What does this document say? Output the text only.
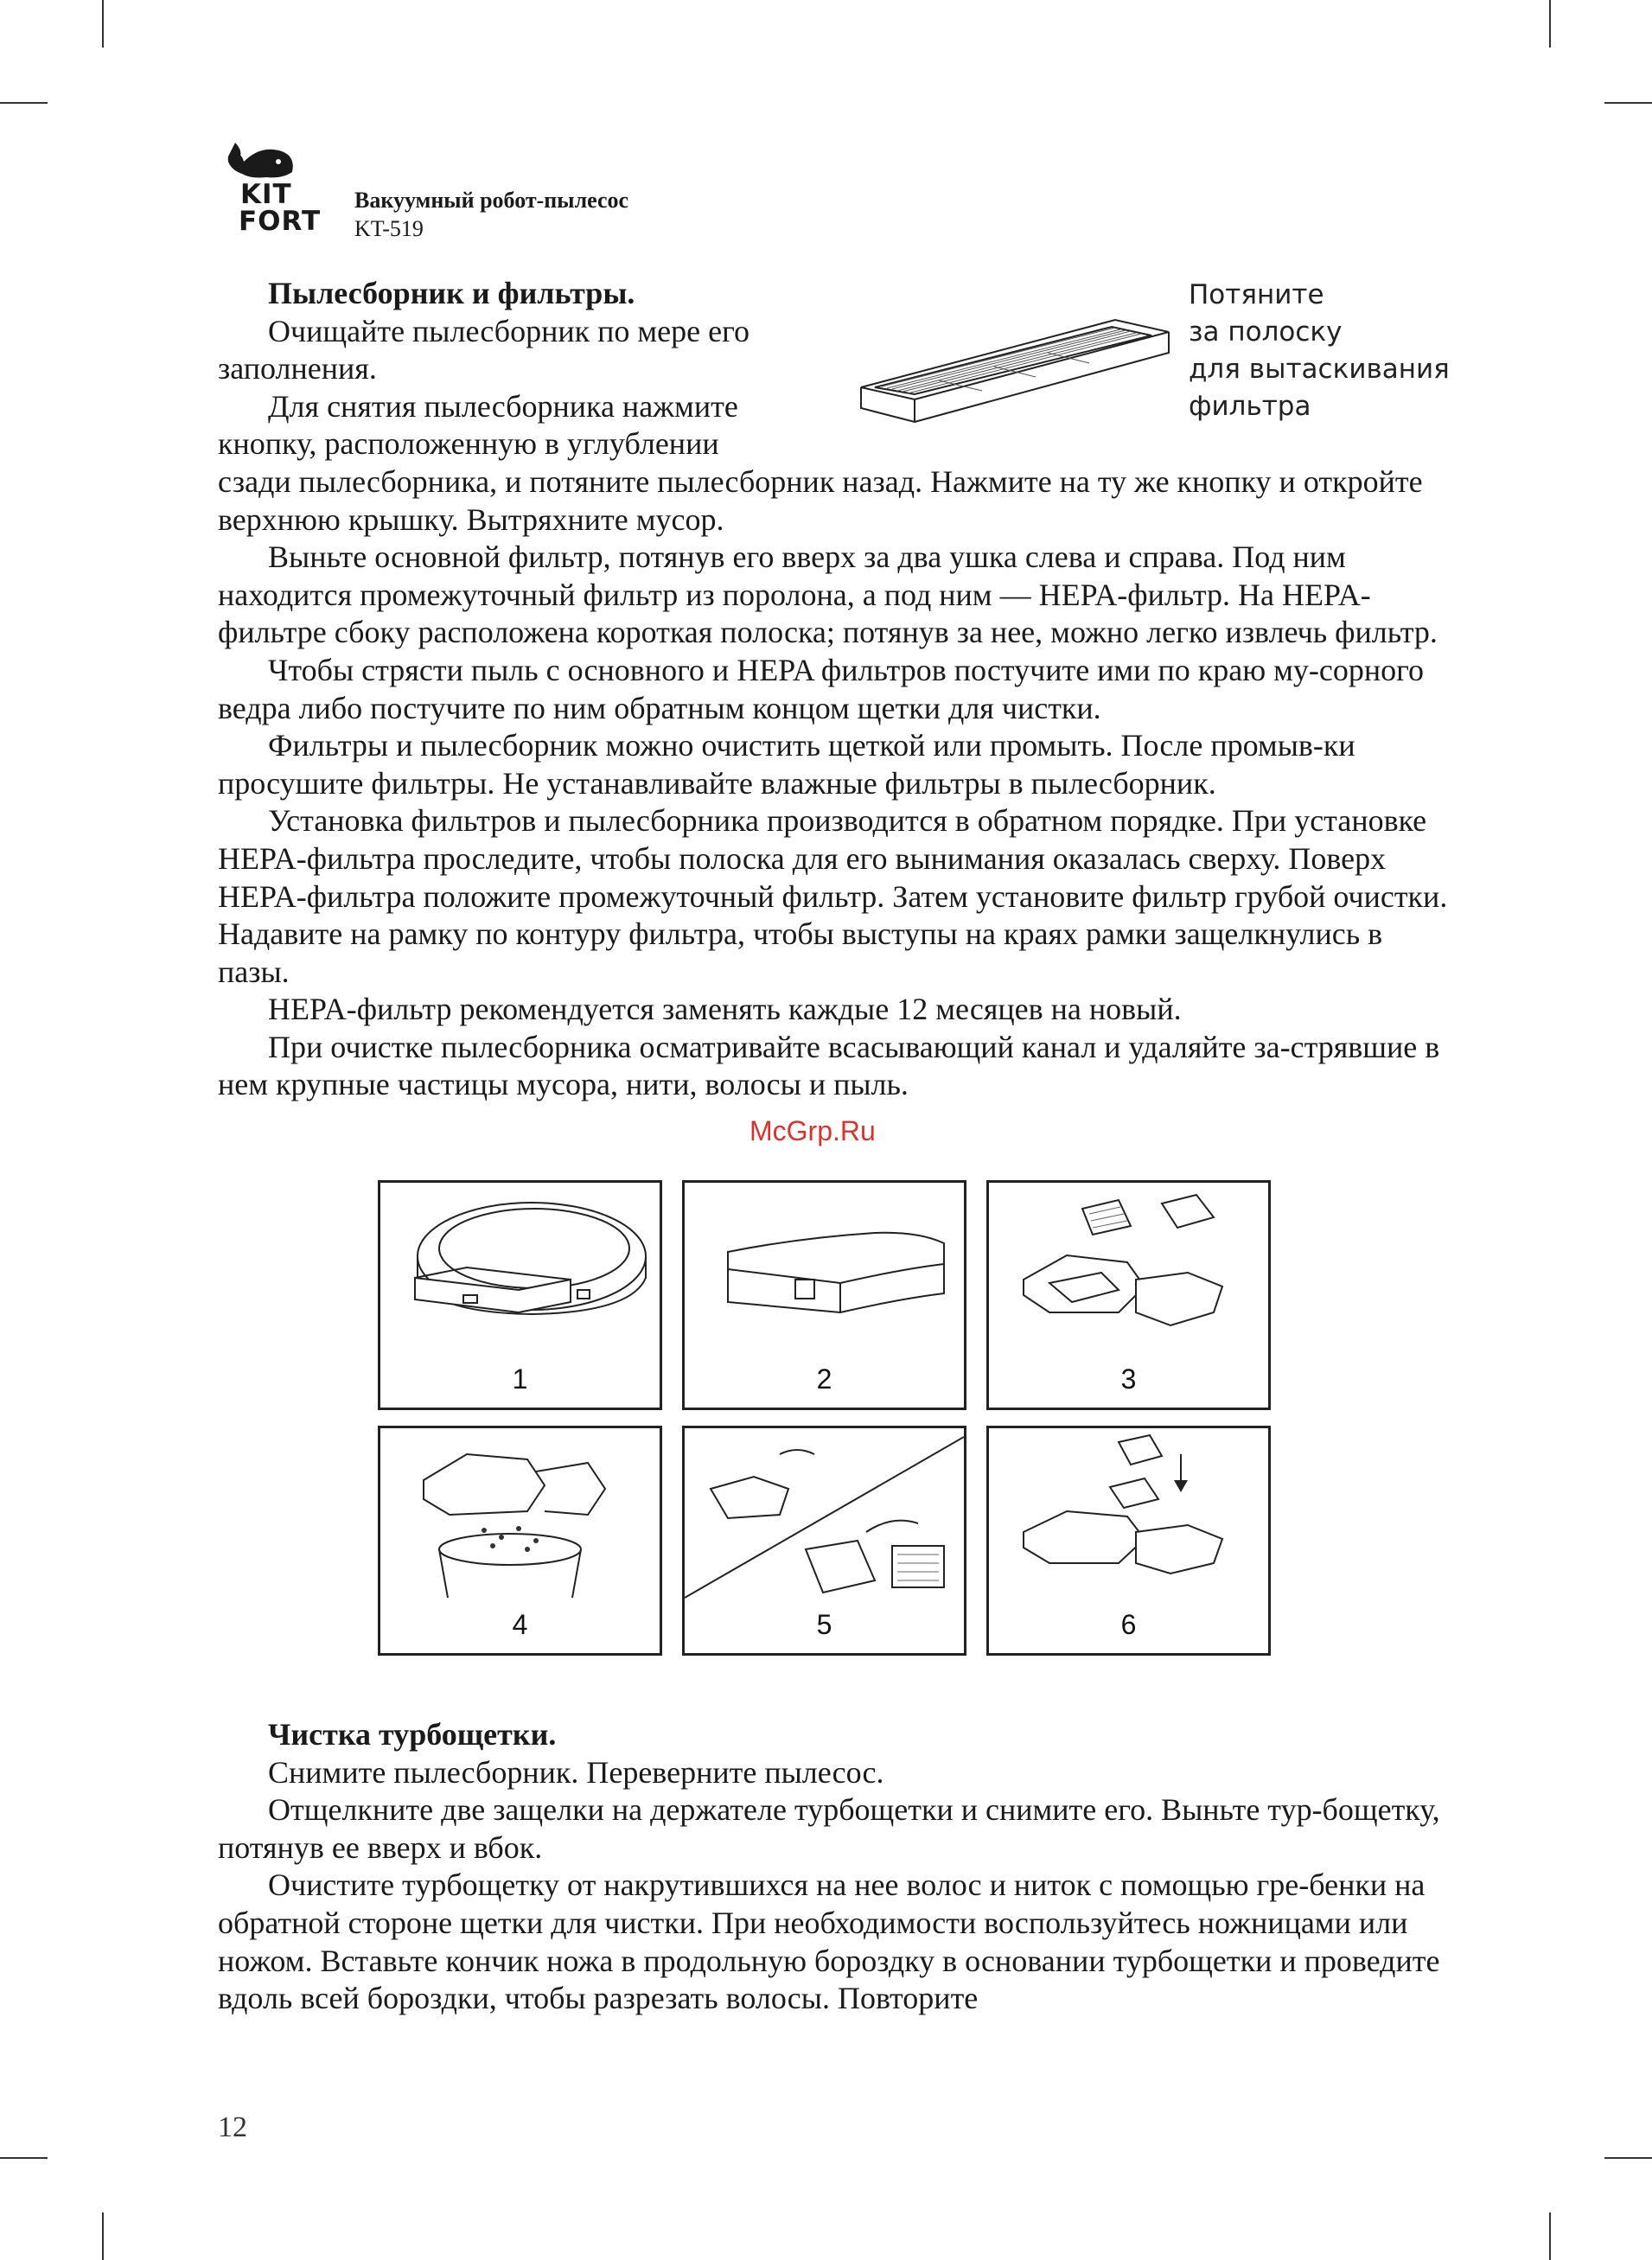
KIT
FORT
Вакуумный робот-пылесос
KT-519

Пылесборник и фильтры.

Очищайте пылесборник по мере его заполнения.

Для снятия пылесборника нажмите кнопку, расположенную в углублении

сзади пылесборника, и потяните пылесборник назад. Нажмите на ту же кнопку и откройте верхнюю крышку. Вытряхните мусор.

Выньте основной фильтр, потянув его вверх за два ушка слева и справа. Под ним находится промежуточный фильтр из поролона, а под ним — HEPA-фильтр. На HEPA-фильтре сбоку расположена короткая полоска; потянув за нее, можно легко извлечь фильтр.

Чтобы стрясти пыль с основного и HEPA фильтров постучите ими по краю му-сорного ведра либо постучите по ним обратным концом щетки для чистки.

Фильтры и пылесборник можно очистить щеткой или промыть. После промыв-ки просушите фильтры. Не устанавливайте влажные фильтры в пылесборник.

Установка фильтров и пылесборника производится в обратном порядке. При установке HEPA-фильтра проследите, чтобы полоска для его вынимания оказалась сверху. Поверх HEPA-фильтра положите промежуточный фильтр. Затем установите фильтр грубой очистки. Надавите на рамку по контуру фильтра, чтобы выступы на краях рамки защелкнулись в пазы.

HEPA-фильтр рекомендуется заменять каждые 12 месяцев на новый.

При очистке пылесборника осматривайте всасывающий канал и удаляйте за-стрявшие в нем крупные частицы мусора, нити, волосы и пыль.

Потяните
за полоску
для вытаскивания
фильтра
McGrp.Ru
1	2	3
4	5	6

Чистка турбощетки.

Снимите пылесборник. Переверните пылесос.

Отщелкните две защелки на держателе турбощетки и снимите его. Выньте тур-бощетку, потянув ее вверх и вбок.

Очистите турбощетку от накрутившихся на нее волос и ниток с помощью гре-бенки на обратной стороне щетки для чистки. При необходимости воспользуйтесь ножницами или ножом. Вставьте кончик ножа в продольную бороздку в основании турбощетки и проведите вдоль всей бороздки, чтобы разрезать волосы. Повторите

12
